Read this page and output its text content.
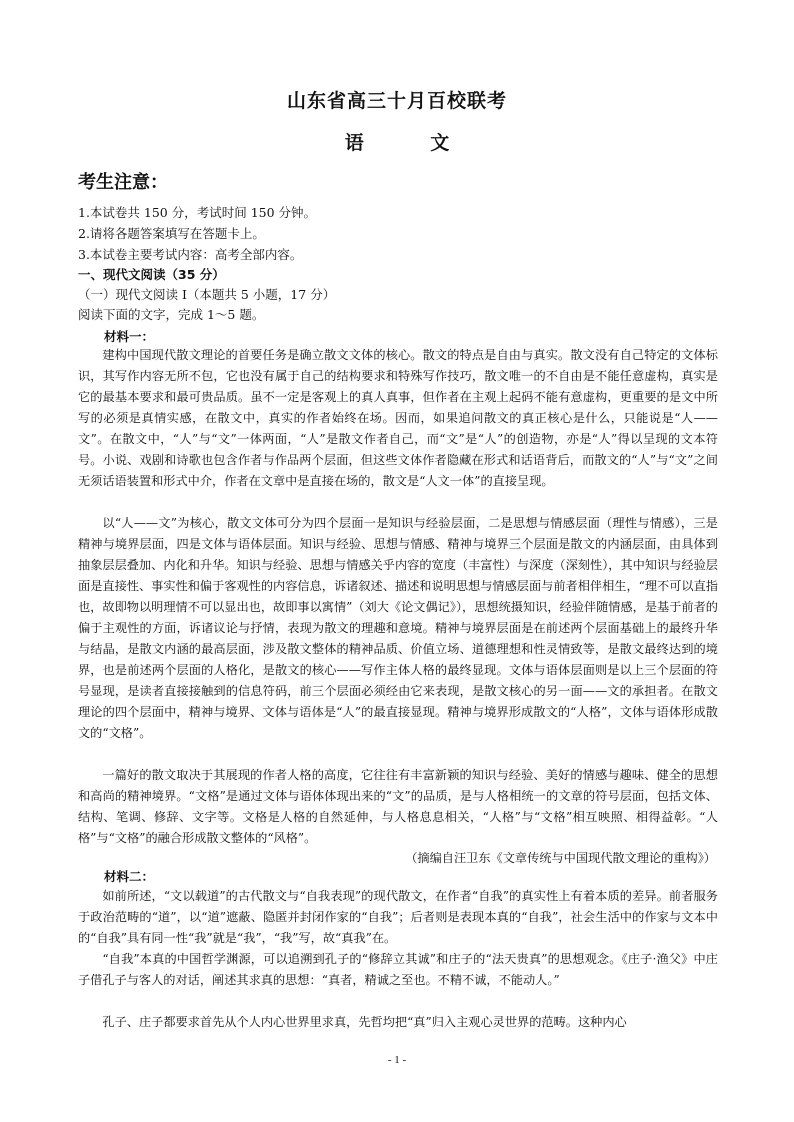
山东省高三十月百校联考
语 文
考生注意：
1.本试卷共 150 分，考试时间 150 分钟。
2.请将各题答案填写在答题卡上。
3.本试卷主要考试内容：高考全部内容。
一、现代文阅读（35 分）
（一）现代文阅读 I（本题共 5 小题，17 分）
阅读下面的文字，完成 1～5 题。
材料一：

建构中国现代散文理论的首要任务是确立散文文体的核心。散文的特点是自由与真实。散文没有自己特定的文体标识，其写作内容无所不包，它也没有属于自己的结构要求和特殊写作技巧，散文唯一的不自由是不能任意虚构，真实是它的最基本要求和最可贵品质。虽不一定是客观上的真人真事，但作者在主观上起码不能有意虚构，更重要的是文中所写的必须是真情实感，在散文中，真实的作者始终在场。因而，如果追问散文的真正核心是什么，只能说是“人——文”。在散文中，“人”与“文”一体两面，“人”是散文作者自己，而“文”是“人”的创造物，亦是“人”得以呈现的文本符号。小说、戏剧和诗歌也包含作者与作品两个层面，但这些文体作者隐藏在形式和话语背后，而散文的“人”与“文”之间无须话语装置和形式中介，作者在文章中是直接在场的，散文是“人文一体”的直接呈现。

以“人——文”为核心，散文文体可分为四个层面一是知识与经验层面，二是思想与情感层面（理性与情感），三是精神与境界层面，四是文体与语体层面。知识与经验、思想与情感、精神与境界三个层面是散文的内涵层面，由具体到抽象层层叠加、内化和升华。知识与经验、思想与情感关乎内容的宽度（丰富性）与深度（深刻性），其中知识与经验层面是直接性、事实性和偏于客观性的内容信息，诉诸叙述、描述和说明思想与情感层面与前者相伴相生，“理不可以直指也，故即物以明理情不可以显出也，故即事以寓情”（刘大《论文偶记》），思想统摄知识，经验伴随情感，是基于前者的偏于主观性的方面，诉诸议论与抒情，表现为散文的理趣和意境。精神与境界层面是在前述两个层面基础上的最终升华与结晶，是散文内涵的最高层面，涉及散文整体的精神品质、价值立场、道德理想和性灵情致等，是散文最终达到的境界，也是前述两个层面的人格化，是散文的核心——写作主体人格的最终显现。文体与语体层面则是以上三个层面的符号显现，是读者直接接触到的信息符码，前三个层面必须经由它来表现，是散文核心的另一面——文的承担者。在散文理论的四个层面中，精神与境界、文体与语体是“人”的最直接显现。精神与境界形成散文的“人格”，文体与语体形成散文的“文格”。

一篇好的散文取决于其展现的作者人格的高度，它往往有丰富新颖的知识与经验、美好的情感与趣味、健全的思想和高尚的精神境界。“文格”是通过文体与语体体现出来的“文”的品质，是与人格相统一的文章的符号层面，包括文体、结构、笔调、修辞、文字等。文格是人格的自然延伸，与人格息息相关，“人格”与“文格”相互映照、相得益彰。“人格”与“文格”的融合形成散文整体的“风格”。

（摘编自汪卫东《文章传统与中国现代散文理论的重构》）
材料二：

如前所述，“文以载道”的古代散文与“自我表现”的现代散文，在作者“自我”的真实性上有着本质的差异。前者服务于政治范畴的“道”，以“道”遮蔽、隐匿并封闭作家的“自我”；后者则是表现本真的“自我”，社会生活中的作家与文本中的“自我”具有同一性“我”就是“我”，“我”写，故“真我”在。

“自我”本真的中国哲学渊源，可以追溯到孔子的“修辞立其诚”和庄子的“法天贵真”的思想观念。《庄子·渔父》中庄子借孔子与客人的对话，阐述其求真的思想：“真者，精诚之至也。不精不诚，不能动人。”

孔子、庄子都要求首先从个人内心世界里求真，先哲均把“真”归入主观心灵世界的范畴。这种内心

- 1 -
